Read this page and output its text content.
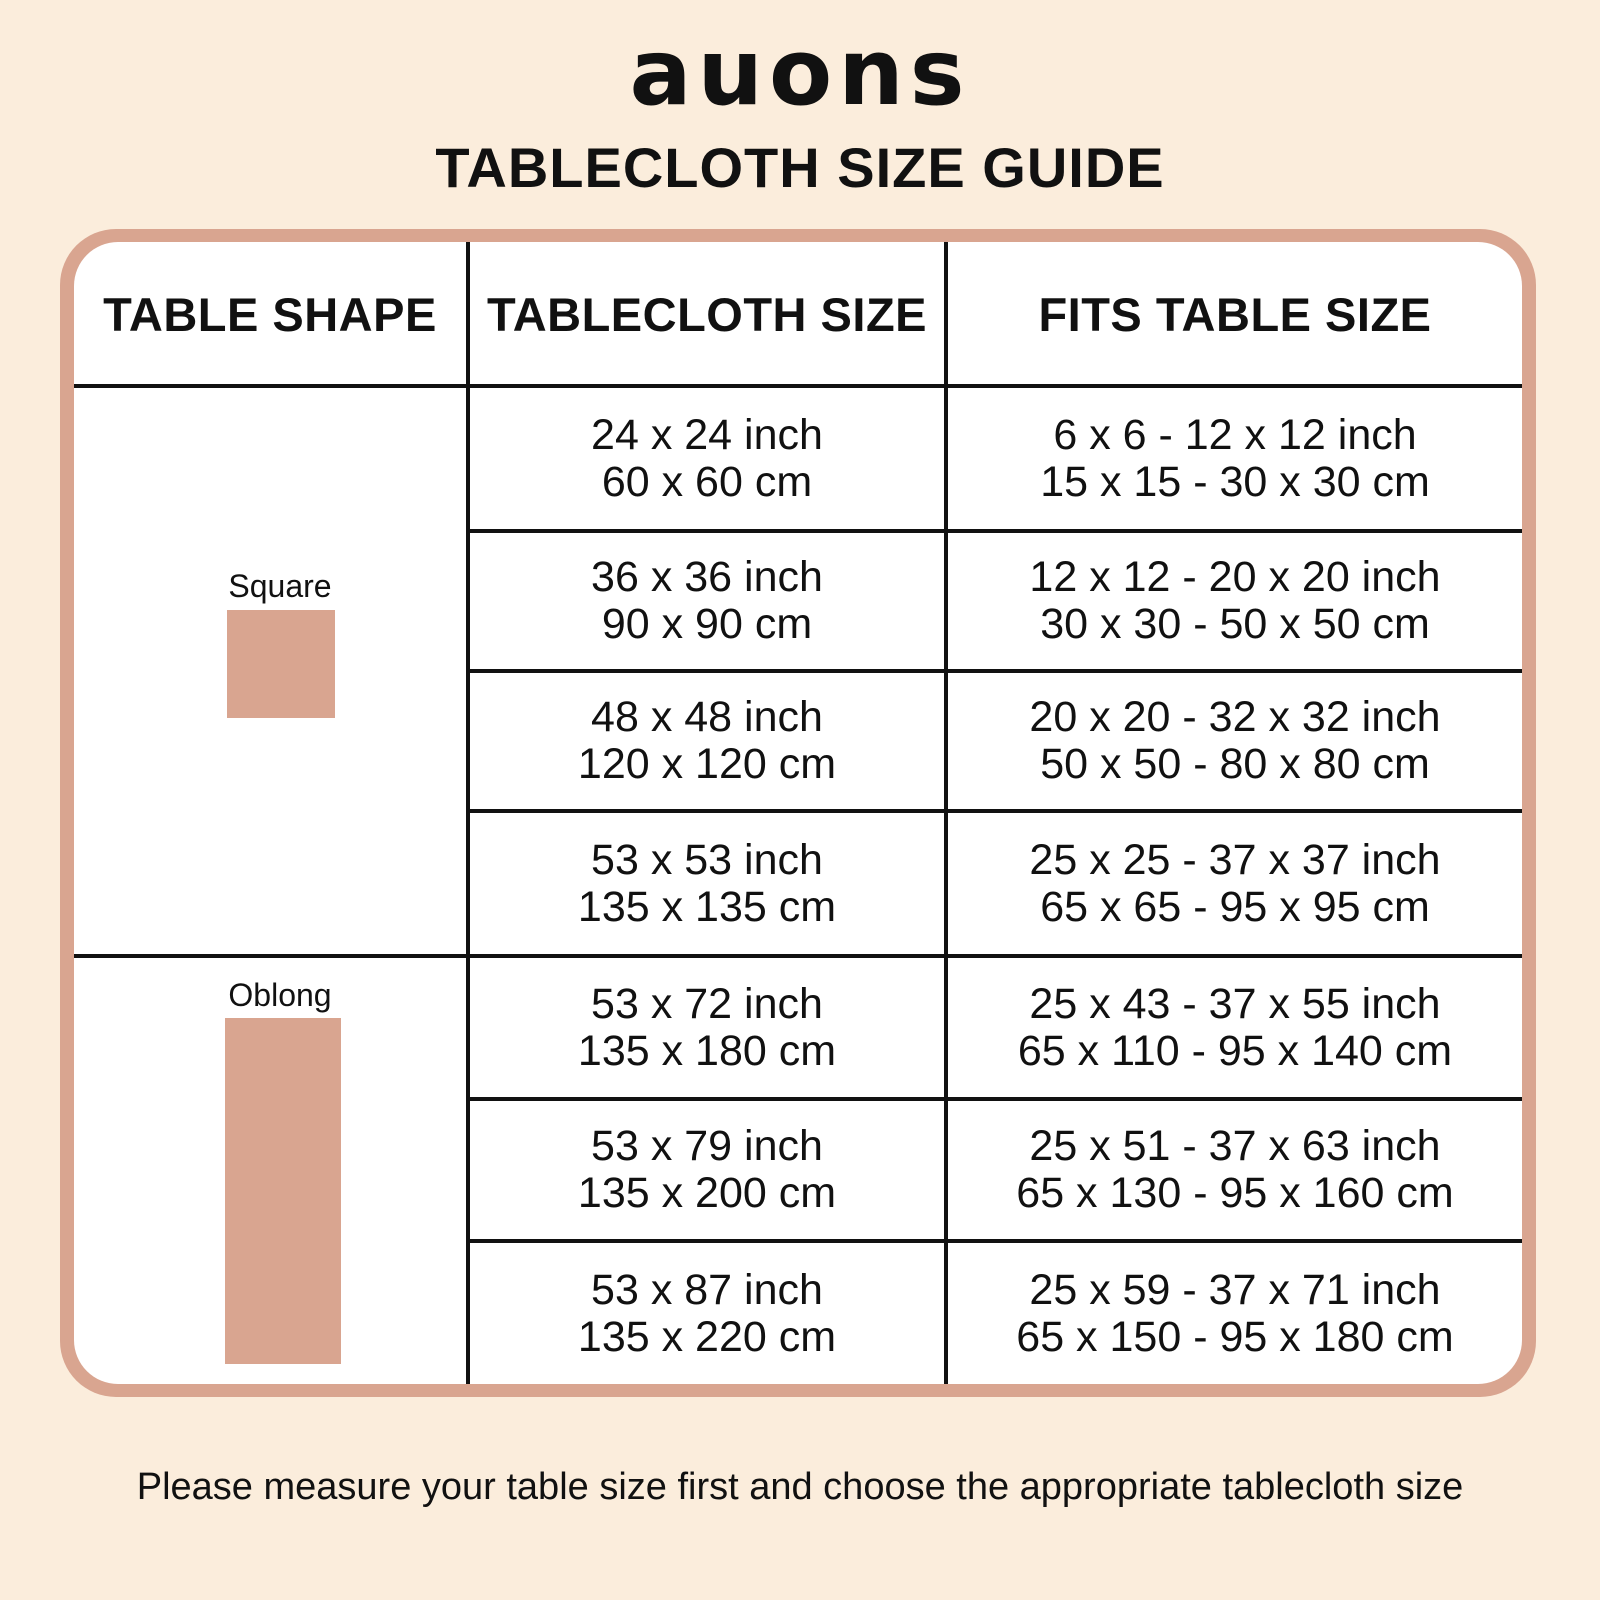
auons
TABLECLOTH SIZE GUIDE
TABLE SHAPE	TABLECLOTH SIZE	FITS TABLE SIZE
Square
Oblong
24 x 24 inch
60 x 60 cm
6 x 6 - 12 x 12 inch
15 x 15 - 30 x 30 cm
36 x 36 inch
90 x 90 cm
12 x 12 - 20 x 20 inch
30 x 30 - 50 x 50 cm
48 x 48 inch
120 x 120 cm
20 x 20 - 32 x 32 inch
50 x 50 - 80 x 80 cm
53 x 53 inch
135 x 135 cm
25 x 25 - 37 x 37 inch
65 x 65 - 95 x 95 cm
53 x 72 inch
135 x 180 cm
25 x 43 - 37 x 55 inch
65 x 110 - 95 x 140 cm
53 x 79 inch
135 x 200 cm
25 x 51 - 37 x 63 inch
65 x 130 - 95 x 160 cm
53 x 87 inch
135 x 220 cm
25 x 59 - 37 x 71 inch
65 x 150 - 95 x 180 cm
Please measure your table size first and choose the appropriate tablecloth size
